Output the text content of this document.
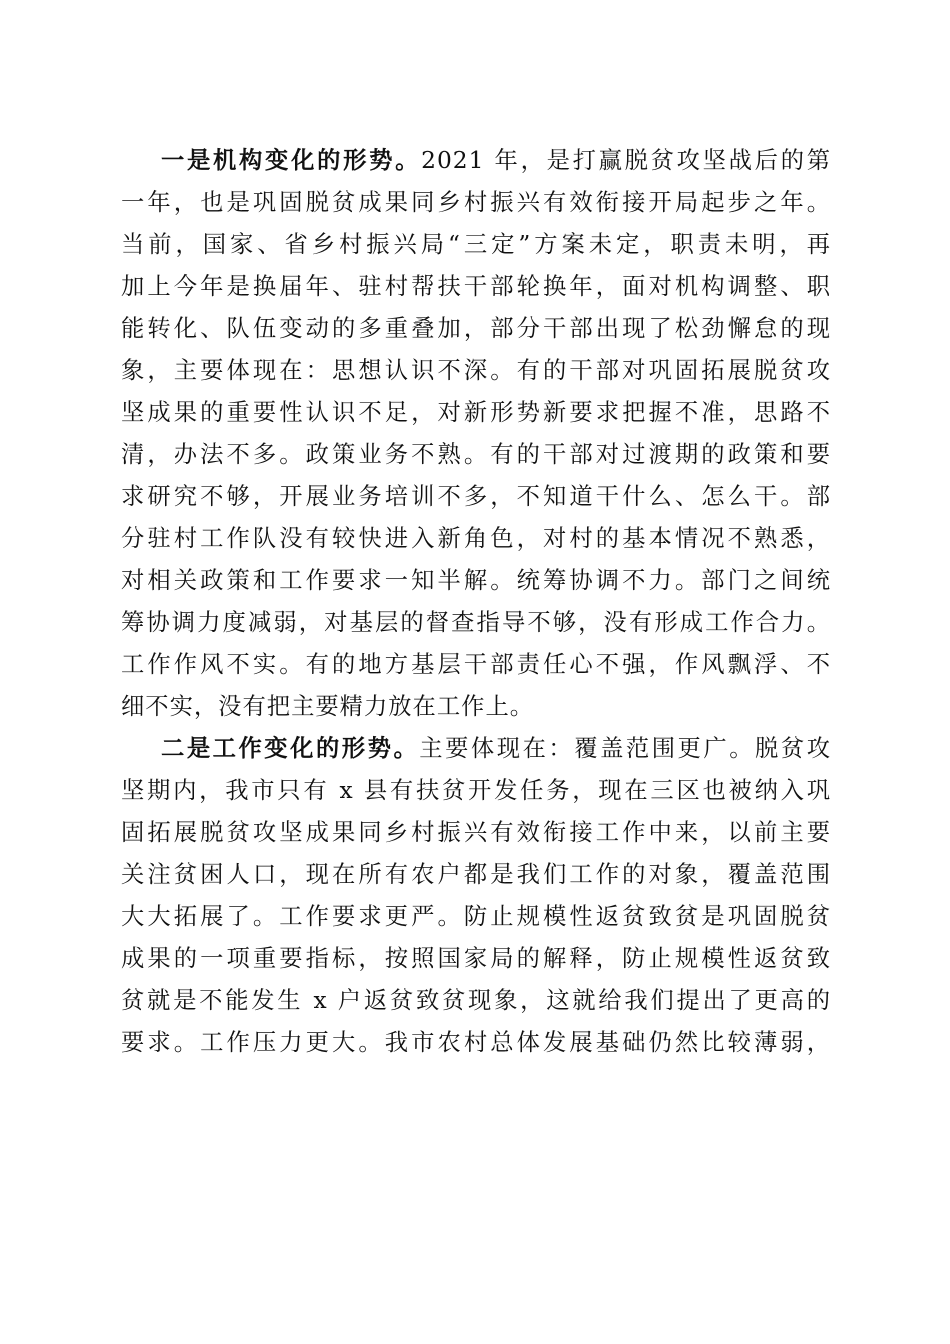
一是机构变化的形势。2021 年，是打赢脱贫攻坚战后的第
一年，也是巩固脱贫成果同乡村振兴有效衔接开局起步之年。
当前，国家、省乡村振兴局“三定”方案未定，职责未明，再
加上今年是换届年、驻村帮扶干部轮换年，面对机构调整、职
能转化、队伍变动的多重叠加，部分干部出现了松劲懈怠的现
象，主要体现在：思想认识不深。有的干部对巩固拓展脱贫攻
坚成果的重要性认识不足，对新形势新要求把握不准，思路不
清，办法不多。政策业务不熟。有的干部对过渡期的政策和要
求研究不够，开展业务培训不多，不知道干什么、怎么干。部
分驻村工作队没有较快进入新角色，对村的基本情况不熟悉，
对相关政策和工作要求一知半解。统筹协调不力。部门之间统
筹协调力度减弱，对基层的督查指导不够，没有形成工作合力。
工作作风不实。有的地方基层干部责任心不强，作风飘浮、不
细不实，没有把主要精力放在工作上。
二是工作变化的形势。主要体现在：覆盖范围更广。脱贫攻
坚期内，我市只有 x 县有扶贫开发任务，现在三区也被纳入巩
固拓展脱贫攻坚成果同乡村振兴有效衔接工作中来，以前主要
关注贫困人口，现在所有农户都是我们工作的对象，覆盖范围
大大拓展了。工作要求更严。防止规模性返贫致贫是巩固脱贫
成果的一项重要指标，按照国家局的解释，防止规模性返贫致
贫就是不能发生 x 户返贫致贫现象，这就给我们提出了更高的
要求。工作压力更大。我市农村总体发展基础仍然比较薄弱，
